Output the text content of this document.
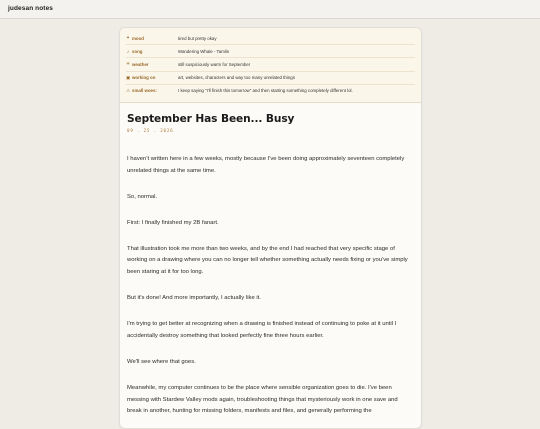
judesan notes
✦ mood	tired but pretty okay
♪ song	Wandering Whale - Tamlin
☀ weather	still suspiciously warm for September
▣ working on	art, websites, characters and way too many unrelated things
⚠ small woes:	I keep saying "I'll finish this tomorrow" and then starting something completely different lol.
September Has Been... Busy
09 . 25 . 2026

I haven't written here in a few weeks, mostly because I've been doing approximately seventeen completely unrelated things at the same time.

So, normal.

First: I finally finished my 2B fanart.

That illustration took me more than two weeks, and by the end I had reached that very specific stage of working on a drawing where you can no longer tell whether something actually needs fixing or you've simply been staring at it for too long.

But it's done! And more importantly, I actually like it.

I'm trying to get better at recognizing when a drawing is finished instead of continuing to poke at it until I accidentally destroy something that looked perfectly fine three hours earlier.

We'll see where that goes.

Meanwhile, my computer continues to be the place where sensible organization goes to die. I've been messing with Stardew Valley mods again, troubleshooting things that mysteriously work in one save and break in another, hunting for missing folders, manifests and files, and generally performing the
